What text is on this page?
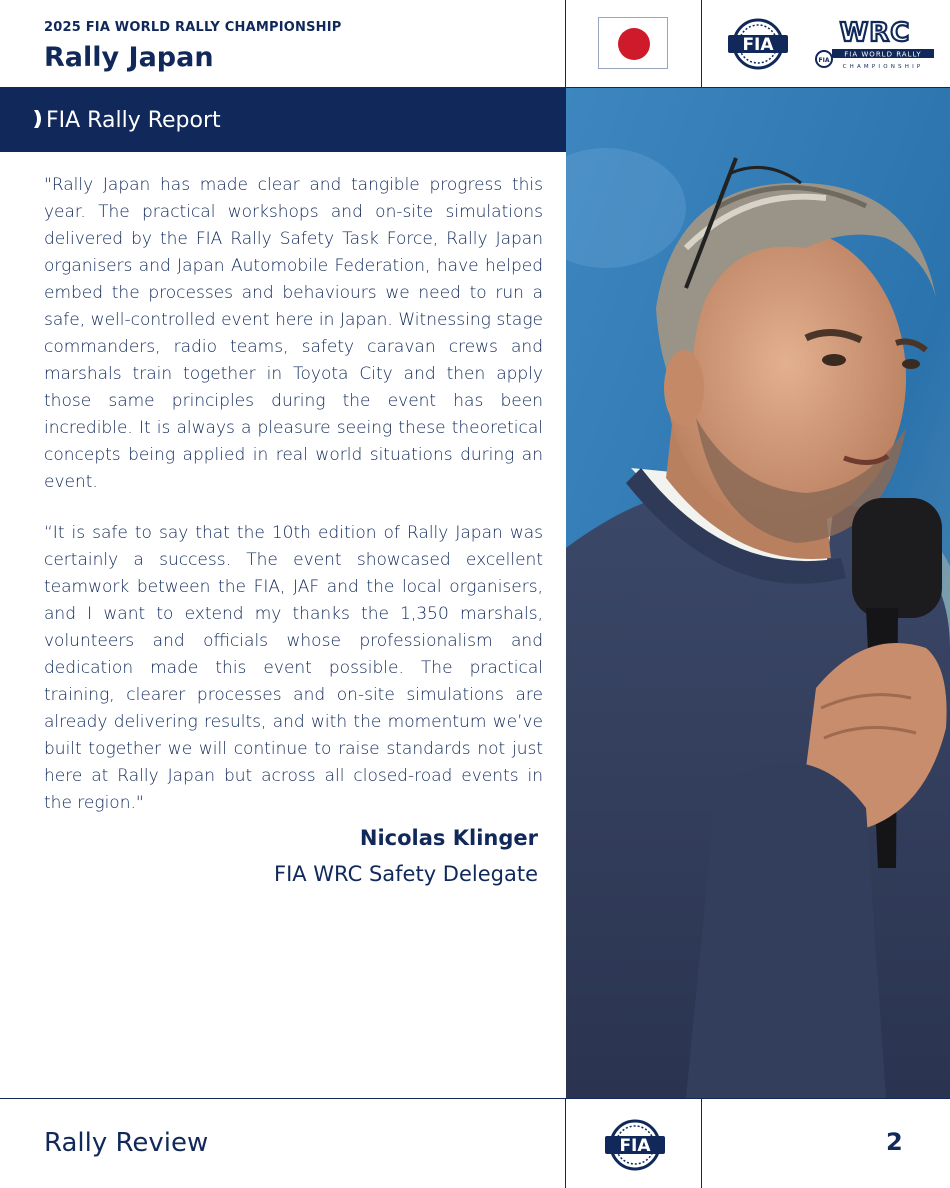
2025 FIA WORLD RALLY CHAMPIONSHIP
Rally Japan	FIA	WRC
FIA
FIA WORLD RALLY
CHAMPIONSHIP
FIA Rally Report
"Rally Japan has made clear and tangible progress this year. The practical workshops and on-site simulations delivered by the FIA Rally Safety Task Force, Rally Japan organisers and Japan Automobile Federation, have helped embed the processes and behaviours we need to run a safe, well-controlled event here in Japan. Witnessing stage commanders, radio teams, safety caravan crews and marshals train together in Toyota City and then apply those same principles during the event has been incredible. It is always a pleasure seeing these theoretical concepts being applied in real world situations during an event.
“It is safe to say that the 10th edition of Rally Japan was certainly a success. The event showcased excellent teamwork between the FIA, JAF and the local organisers, and I want to extend my thanks the 1,350 marshals, volunteers and officials whose professionalism and dedication made this event possible. The practical training, clearer processes and on-site simulations are already delivering results, and with the momentum we’ve built together we will continue to raise standards not just here at Rally Japan but across all closed-road events in the region."
Nicolas Klinger
FIA WRC Safety Delegate
Rally Review	FIA	2
